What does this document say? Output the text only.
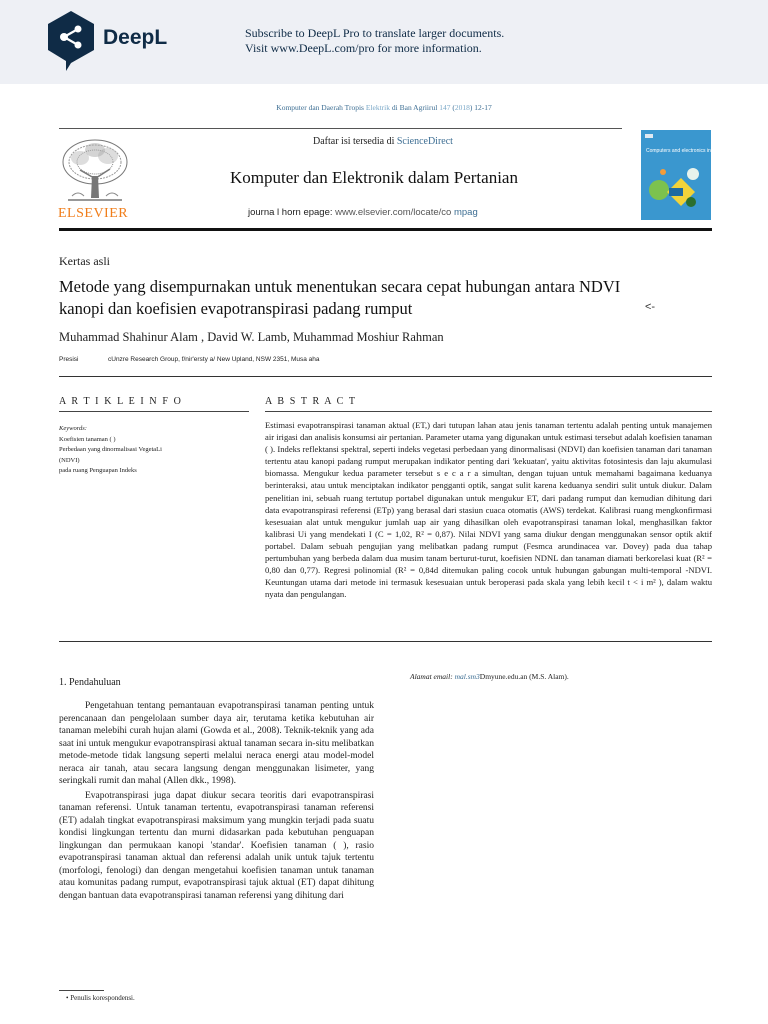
DeepL	Subscribe to DeepL Pro to translate larger documents.
Visit www.DeepL.com/pro for more information.
Komputer dan Daerah Tropis Elektrik di Ban Agriirul 147 (2018) 12-17
Daftar isi tersedia di ScienceDirect
ELSEVIER
Komputer dan Elektronik dalam Pertanian
journa l horn epage: www.elsevier.com/locate/co mpag
Computers and electronics in agriculture
Kertas asli
Metode yang disempurnakan untuk menentukan secara cepat hubungan antara NDVI kanopi dan koefisien evapotranspirasi padang rumput	<-
Muhammad Shahinur Alam , David W. Lamb, Muhammad Moshiur Rahman
Presisi	cUnzre Research Group, f/nir'ersty a/ New Upland, NSW 2351, Musa aha
A R T I K L E I N F O	A B S T R A C T
Keywords:
Koefisien tanaman ( )
Perbedaan yang dinormalisasi VegetaLi
(NDVI)
pada ruang Penguapan Indeks

Estimasi evapotranspirasi tanaman aktual (ET,) dari tutupan lahan atau jenis tanaman tertentu adalah penting untuk manajemen air irigasi dan analisis konsumsi air pertanian. Parameter utama yang digunakan untuk estimasi tersebut adalah koefisien tanaman ( ). Indeks reflektansi spektral, seperti indeks vegetasi perbedaan yang dinormalisasi (NDVI) dan koefisien tanaman dari tanaman tertentu atau kanopi padang rumput merupakan indikator penting dari 'kekuatan', yaitu aktivitas fotosintesis dan laju akumulasi biomassa. Mengukur kedua parameter tersebut s e c a r a simultan, dengan tujuan untuk memahami bagaimana keduanya berinteraksi, atau untuk menciptakan indikator pengganti optik, sangat sulit karena keduanya sendiri sulit untuk diukur. Dalam penelitian ini, sebuah ruang tertutup portabel digunakan untuk mengukur ET, dari padang rumput dan kemudian dihitung dari data evapotranspirasi referensi (ETp) yang berasal dari stasiun cuaca otomatis (AWS) terdekat. Kalibrasi ruang mengkonfirmasi kesesuaian alat untuk mengukur jumlah uap air yang dihasilkan oleh evapotranspirasi tanaman lokal, menghasilkan faktor kalibrasi Ui yang mendekati I (C = 1,02, R² = 0,87). Nilai NDVI yang sama diukur dengan menggunakan sensor optik aktif portabel. Dalam sebuah pengujian yang melibatkan padang rumput (Fesmca arundinacea var. Dovey) pada dua tahap pertumbuhan yang berbeda dalam dua musim tanam berturut-turut, koefisien NDNL dan tanaman diamati berkorelasi kuat (R² = 0,80 dan 0,77). Regresi polinomial (R² = 0,84d ditemukan paling cocok untuk hubungan gabungan multi-temporal -NDVI. Keuntungan utama dari metode ini termasuk kesesuaian untuk beroperasi pada skala yang lebih kecil t < i m² ), dalam waktu nyata dan pengulangan.

1. Pendahuluan
Alamat email: mal.sm3Dmyune.edu.an (M.S. Alam).

Pengetahuan tentang pemantauan evapotranspirasi tanaman penting untuk perencanaan dan pengelolaan sumber daya air, terutama ketika kebutuhan air tanaman melebihi curah hujan alami (Gowda et al., 2008). Teknik-teknik yang ada saat ini untuk mengukur evapotranspirasi aktual tanaman secara in-situ melibatkan metode-metode tidak langsung seperti melalui neraca energi atau model-model neraca air tanah, atau secara langsung dengan menggunakan lisimeter, yang seringkali rumit dan mahal (Allen dkk., 1998).

Evapotranspirasi juga dapat diukur secara teoritis dari evapotranspirasi tanaman referensi. Untuk tanaman tertentu, evapotranspirasi tanaman referensi (ET) adalah tingkat evapotranspirasi maksimum yang mungkin terjadi pada suatu kondisi lingkungan tertentu dan murni didasarkan pada kebutuhan penguapan lingkungan dan permukaan kanopi 'standar'. Koefisien tanaman ( ), rasio evapotranspirasi tanaman aktual dan referensi adalah unik untuk tajuk tertentu (morfologi, fenologi) dan dengan mengetahui koefisien tanaman untuk tanaman atau komunitas padang rumput, evapotranspirasi tajuk aktual (ET) dapat dihitung dengan bantuan data evapotranspirasi tanaman referensi yang dihitung dari

• Penulis korespondensi.
